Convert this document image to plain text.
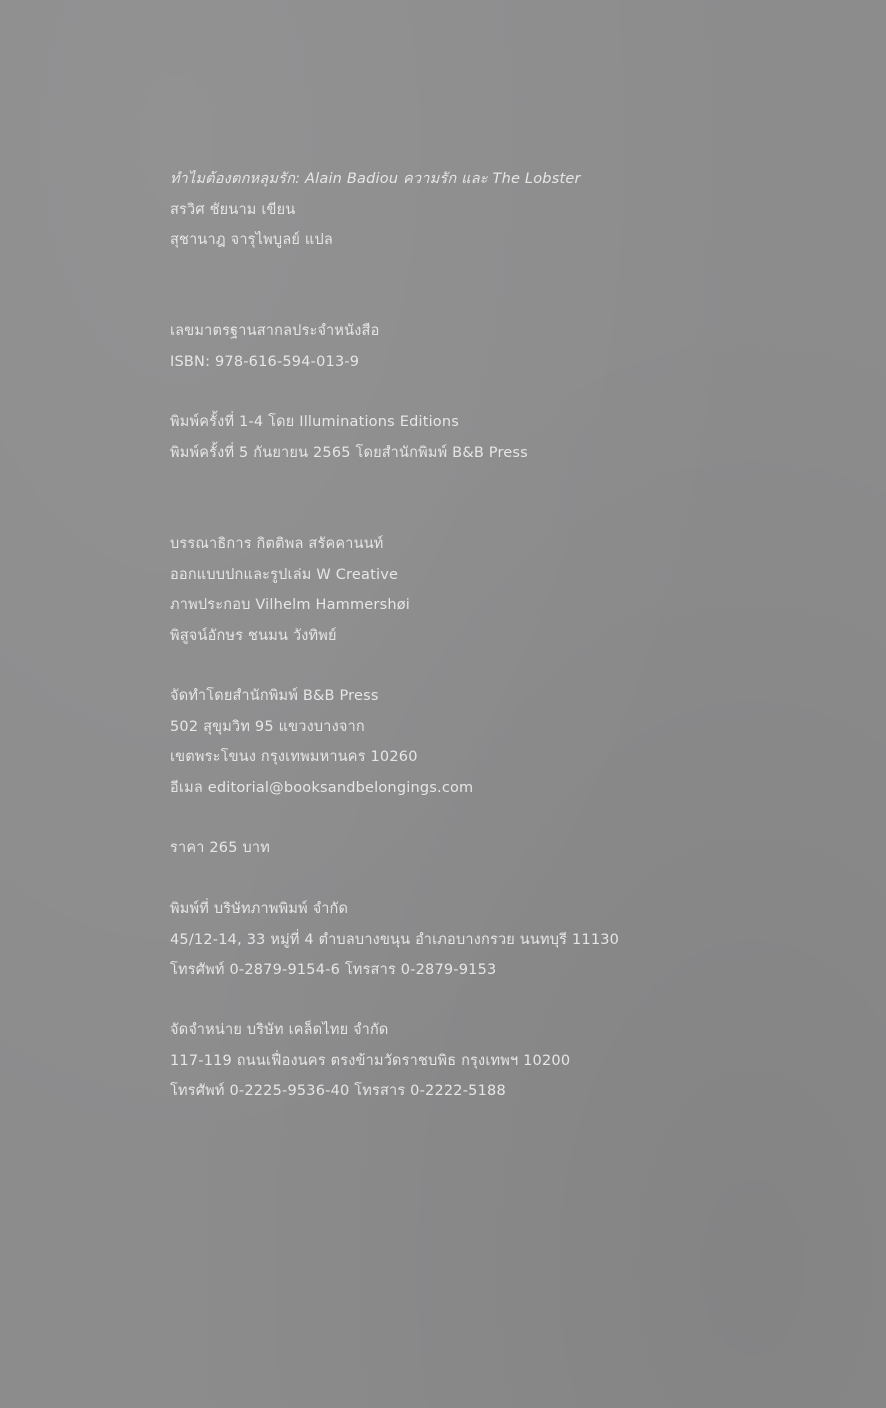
ทำไมต้องตกหลุมรัก: Alain Badiou ความรัก และ The Lobster
สรวิศ ชัยนาม เขียน
สุชานาฎ จารุไพบูลย์ แปล
เลขมาตรฐานสากลประจำหนังสือ
ISBN: 978-616-594-013-9
พิมพ์ครั้งที่ 1-4 โดย Illuminations Editions
พิมพ์ครั้งที่ 5 กันยายน 2565 โดยสำนักพิมพ์ B&B Press
บรรณาธิการ กิตติพล สรัคคานนท์
ออกแบบปกและรูปเล่ม W Creative
ภาพประกอบ Vilhelm Hammershøi
พิสูจน์อักษร ชนมน วังทิพย์
จัดทำโดยสำนักพิมพ์ B&B Press
502 สุขุมวิท 95 แขวงบางจาก
เขตพระโขนง กรุงเทพมหานคร 10260
อีเมล editorial@booksandbelongings.com
ราคา 265 บาท
พิมพ์ที่ บริษัทภาพพิมพ์ จำกัด
45/12-14, 33 หมู่ที่ 4 ตำบลบางขนุน อำเภอบางกรวย นนทบุรี 11130
โทรศัพท์ 0-2879-9154-6 โทรสาร 0-2879-9153
จัดจำหน่าย บริษัท เคล็ดไทย จำกัด
117-119 ถนนเฟื่องนคร ตรงข้ามวัดราชบพิธ กรุงเทพฯ 10200
โทรศัพท์ 0-2225-9536-40 โทรสาร 0-2222-5188
